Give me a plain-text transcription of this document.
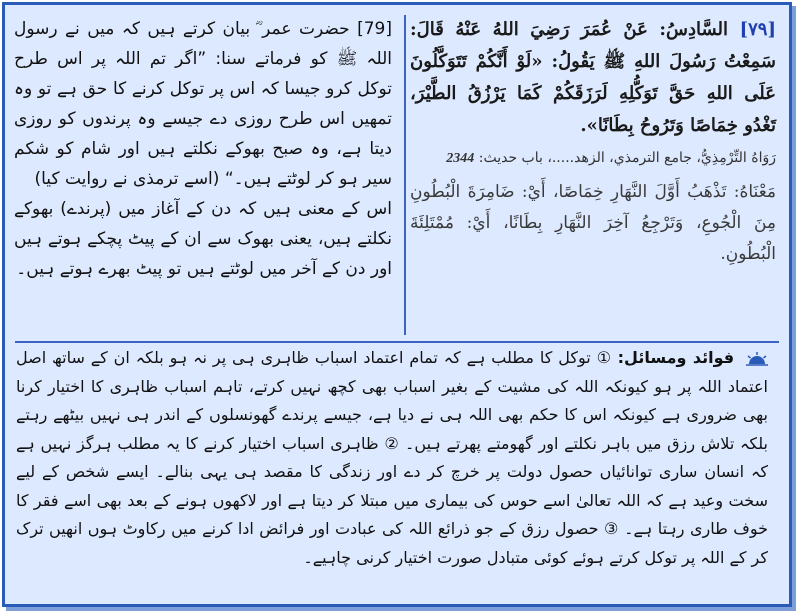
[٧٩] السَّادِسُ: عَنْ عُمَرَ رَضِيَ اللهُ عَنْهُ قَالَ: سَمِعْتُ رَسُولَ اللهِ ﷺ يَقُولُ: «لَوْ أَنَّكُمْ تَتَوَكَّلُونَ عَلَى اللهِ حَقَّ تَوَكُّلِهِ لَرَزَقَكُمْ كَمَا يَرْزُقُ الطَّيْرَ، تَغْدُو خِمَاصًا وَتَرُوحُ بِطَانًا».
رَوَاهُ التِّرْمِذِيُّ، جامع الترمذي، الزهد.....، باب حديث: 2344
مَعْنَاهُ: تَذْهَبُ أَوَّلَ النَّهَارِ خِمَاصًا، أَيْ: ضَامِرَةَ الْبُطُونِ مِنَ الْجُوعِ، وَتَرْجِعُ آخِرَ النَّهَارِ بِطَانًا، أَيْ: مُمْتَلِئَةَ الْبُطُونِ.
[79] حضرت عمر ؓ بیان کرتے ہیں کہ میں نے رسول اللہ ﷺ کو فرماتے سنا: ”اگر تم اللہ پر اس طرح توکل کرو جیسا کہ اس پر توکل کرنے کا حق ہے تو وہ تمھیں اس طرح روزی دے جیسے وہ پرندوں کو روزی دیتا ہے، وہ صبح بھوکے نکلتے ہیں اور شام کو شکم سیر ہو کر لوٹتے ہیں۔“ (اسے ترمذی نے روایت کیا)
اس کے معنی ہیں کہ دن کے آغاز میں (پرندے) بھوکے نکلتے ہیں، یعنی بھوک سے ان کے پیٹ پچکے ہوتے ہیں اور دن کے آخر میں لوٹتے ہیں تو پیٹ بھرے ہوتے ہیں۔
فوائد ومسائل: ① توکل کا مطلب ہے کہ تمام اعتماد اسباب ظاہری ہی پر نہ ہو بلکہ ان کے ساتھ اصل اعتماد اللہ پر ہو کیونکہ اللہ کی مشیت کے بغیر اسباب بھی کچھ نہیں کرتے، تاہم اسباب ظاہری کا اختیار کرنا بھی ضروری ہے کیونکہ اس کا حکم بھی اللہ ہی نے دیا ہے، جیسے پرندے گھونسلوں کے اندر ہی نہیں بیٹھے رہتے بلکہ تلاش رزق میں باہر نکلتے اور گھومتے پھرتے ہیں۔ ② ظاہری اسباب اختیار کرنے کا یہ مطلب ہرگز نہیں ہے کہ انسان ساری توانائیاں حصول دولت پر خرچ کر دے اور زندگی کا مقصد ہی یہی بنالے۔ ایسے شخص کے لیے سخت وعید ہے کہ اللہ تعالیٰ اسے حوس کی بیماری میں مبتلا کر دیتا ہے اور لاکھوں ہونے کے بعد بھی اسے فقر کا خوف طاری رہتا ہے۔ ③ حصول رزق کے جو ذرائع اللہ کی عبادت اور فرائض ادا کرنے میں رکاوٹ ہوں انھیں ترک کر کے اللہ پر توکل کرتے ہوئے کوئی متبادل صورت اختیار کرنی چاہیے۔
